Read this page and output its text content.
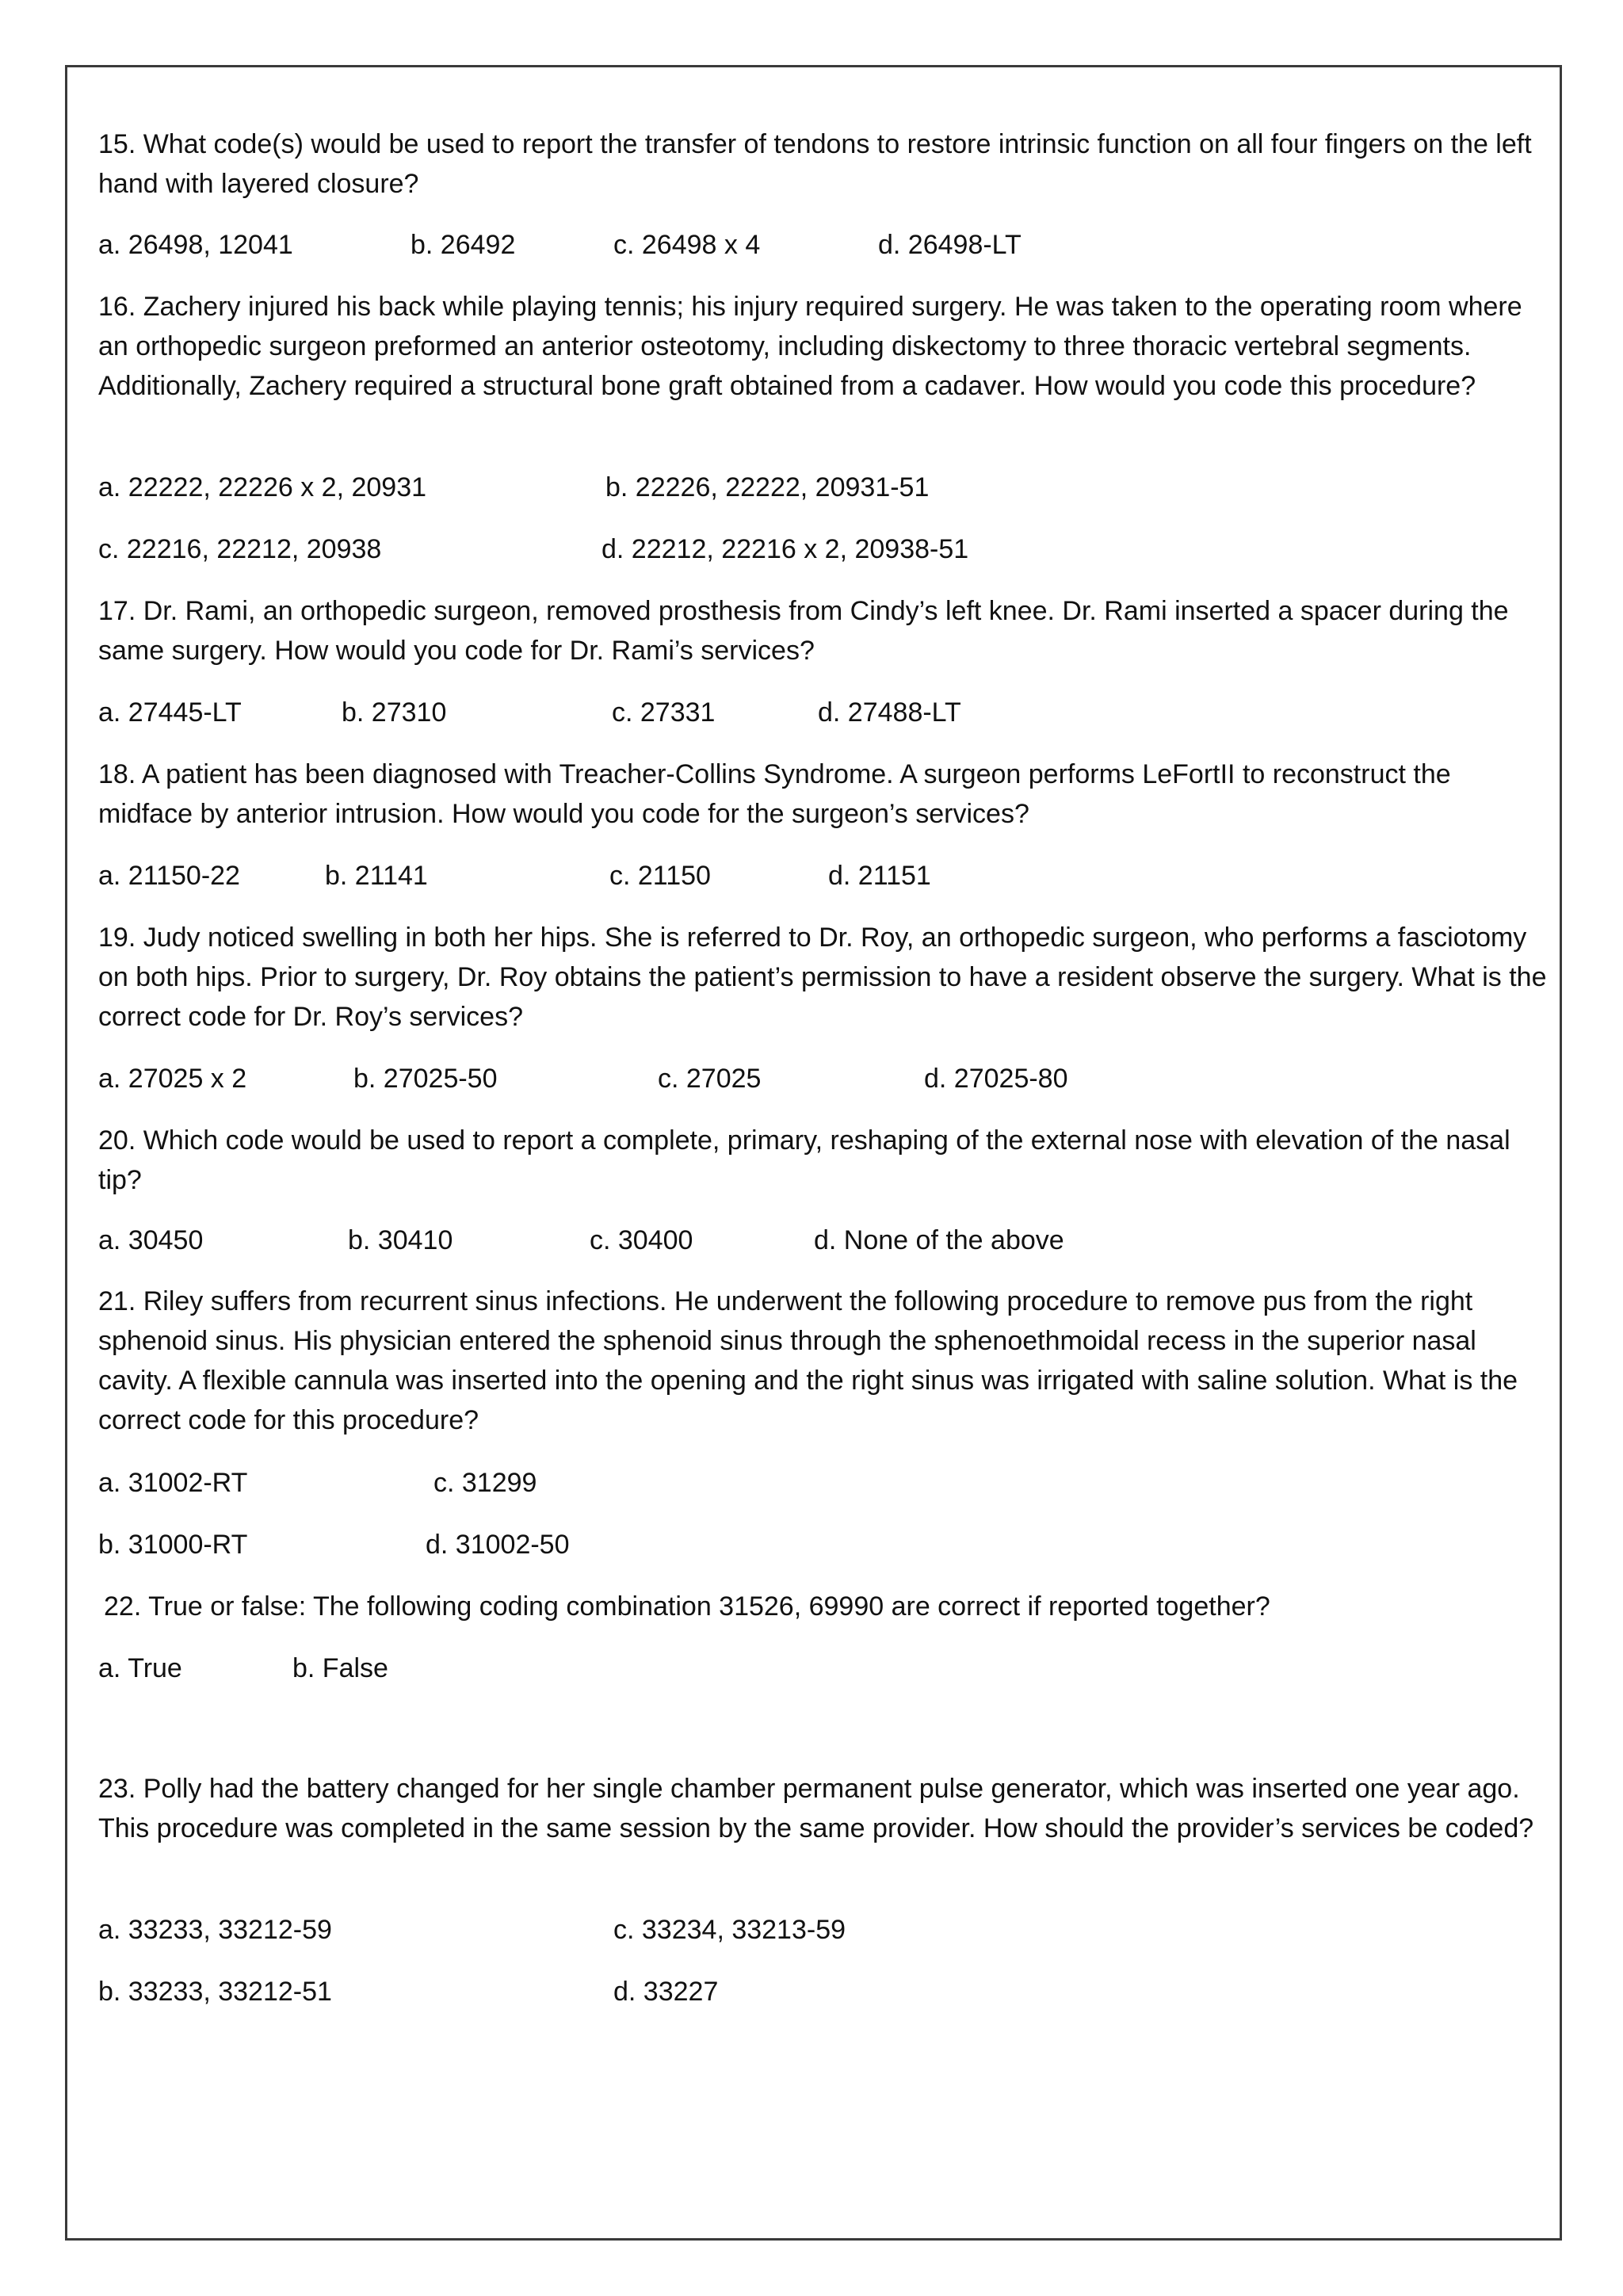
15. What code(s) would be used to report the transfer of tendons to restore intrinsic function on all four fingers on the left hand with layered closure?
a. 26498, 12041	b. 26492	c. 26498 x 4	d. 26498-LT
16. Zachery injured his back while playing tennis; his injury required surgery. He was taken to the operating room where an orthopedic surgeon preformed an anterior osteotomy, including diskectomy to three thoracic vertebral segments. Additionally, Zachery required a structural bone graft obtained from a cadaver. How would you code this procedure?
a. 22222, 22226 x 2, 20931	b. 22226, 22222, 20931-51
c. 22216, 22212, 20938	d. 22212, 22216 x 2, 20938-51
17. Dr. Rami, an orthopedic surgeon, removed prosthesis from Cindy’s left knee. Dr. Rami inserted a spacer during the same surgery. How would you code for Dr. Rami’s services?
a. 27445-LT	b. 27310	c. 27331	d. 27488-LT
18. A patient has been diagnosed with Treacher-Collins Syndrome. A surgeon performs LeFortII to reconstruct the midface by anterior intrusion. How would you code for the surgeon’s services?
a. 21150-22	b. 21141	c. 21150	d. 21151
19. Judy noticed swelling in both her hips. She is referred to Dr. Roy, an orthopedic surgeon, who performs a fasciotomy on both hips. Prior to surgery, Dr. Roy obtains the patient’s permission to have a resident observe the surgery. What is the correct code for Dr. Roy’s services?
a. 27025 x 2	b. 27025-50	c. 27025	d. 27025-80
20. Which code would be used to report a complete, primary, reshaping of the external nose with elevation of the nasal tip?
a. 30450	b. 30410	c. 30400	d. None of the above
21. Riley suffers from recurrent sinus infections. He underwent the following procedure to remove pus from the right sphenoid sinus. His physician entered the sphenoid sinus through the sphenoethmoidal recess in the superior nasal cavity. A flexible cannula was inserted into the opening and the right sinus was irrigated with saline solution. What is the correct code for this procedure?
a. 31002-RT	c. 31299
b. 31000-RT	d. 31002-50
22. True or false: The following coding combination 31526, 69990 are correct if reported together?
a. True	b. False
23. Polly had the battery changed for her single chamber permanent pulse generator, which was inserted one year ago. This procedure was completed in the same session by the same provider. How should the provider’s services be coded?
a. 33233, 33212-59	c. 33234, 33213-59
b. 33233, 33212-51	d. 33227
